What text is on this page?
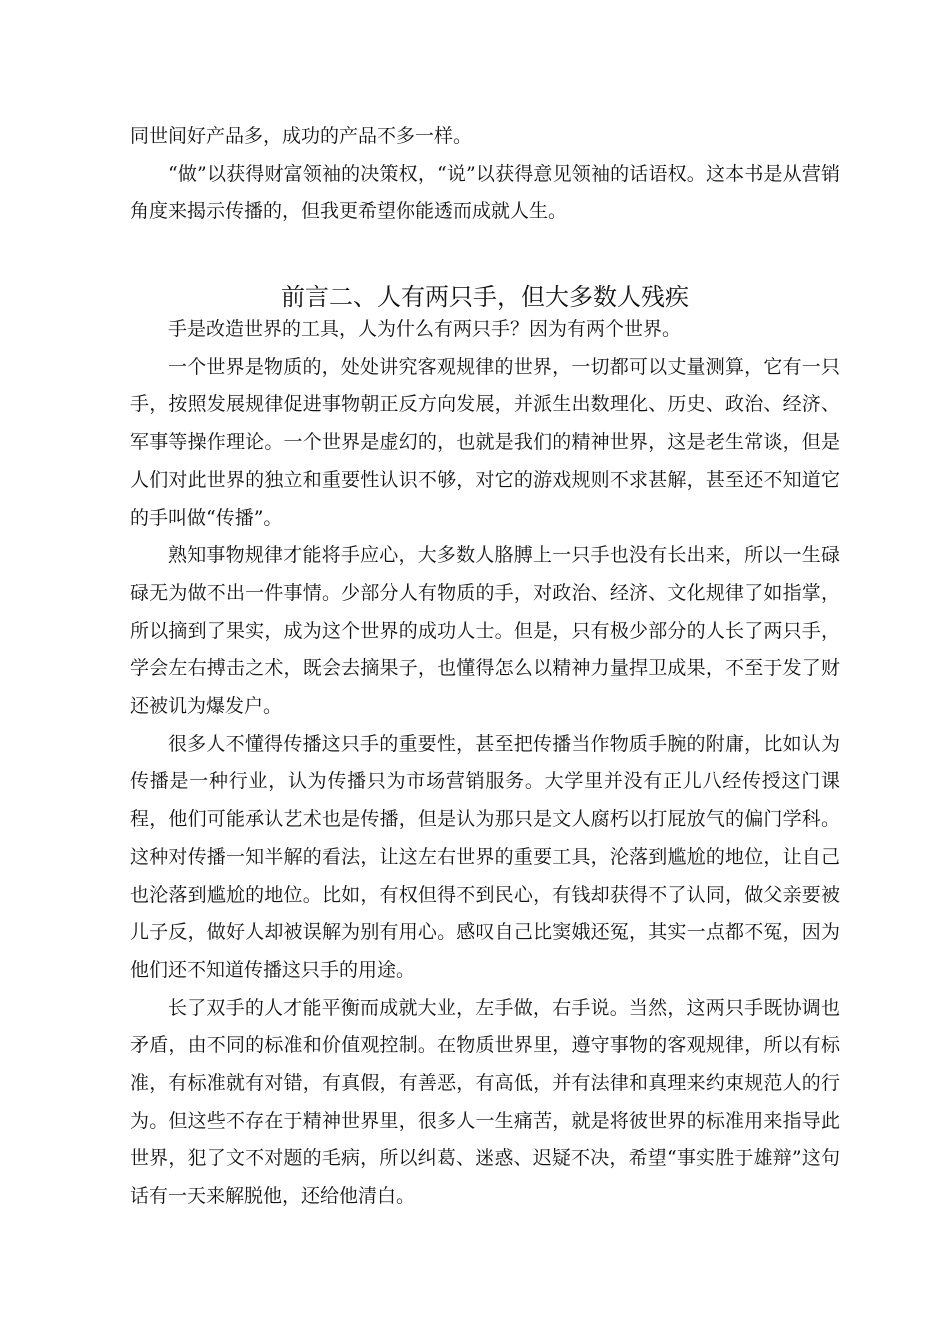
同世间好产品多，成功的产品不多一样。

“做”以获得财富领袖的决策权，“说”以获得意见领袖的话语权。这本书是从营销角度来揭示传播的，但我更希望你能透而成就人生。

前言二、人有两只手，但大多数人残疾

手是改造世界的工具，人为什么有两只手？因为有两个世界。

一个世界是物质的，处处讲究客观规律的世界，一切都可以丈量测算，它有一只手，按照发展规律促进事物朝正反方向发展，并派生出数理化、历史、政治、经济、军事等操作理论。一个世界是虚幻的，也就是我们的精神世界，这是老生常谈，但是人们对此世界的独立和重要性认识不够，对它的游戏规则不求甚解，甚至还不知道它的手叫做“传播”。

熟知事物规律才能将手应心，大多数人胳膊上一只手也没有长出来，所以一生碌碌无为做不出一件事情。少部分人有物质的手，对政治、经济、文化规律了如指掌，所以摘到了果实，成为这个世界的成功人士。但是，只有极少部分的人长了两只手，学会左右搏击之术，既会去摘果子，也懂得怎么以精神力量捍卫成果，不至于发了财还被讥为爆发户。

很多人不懂得传播这只手的重要性，甚至把传播当作物质手腕的附庸，比如认为传播是一种行业，认为传播只为市场营销服务。大学里并没有正儿八经传授这门课程，他们可能承认艺术也是传播，但是认为那只是文人腐朽以打屁放气的偏门学科。这种对传播一知半解的看法，让这左右世界的重要工具，沦落到尴尬的地位，让自己也沦落到尴尬的地位。比如，有权但得不到民心，有钱却获得不了认同，做父亲要被儿子反，做好人却被误解为别有用心。感叹自己比窦娥还冤，其实一点都不冤，因为他们还不知道传播这只手的用途。

长了双手的人才能平衡而成就大业，左手做，右手说。当然，这两只手既协调也矛盾，由不同的标准和价值观控制。在物质世界里，遵守事物的客观规律，所以有标准，有标准就有对错，有真假，有善恶，有高低，并有法律和真理来约束规范人的行为。但这些不存在于精神世界里，很多人一生痛苦，就是将彼世界的标准用来指导此世界，犯了文不对题的毛病，所以纠葛、迷惑、迟疑不决，希望“事实胜于雄辩”这句话有一天来解脱他，还给他清白。
